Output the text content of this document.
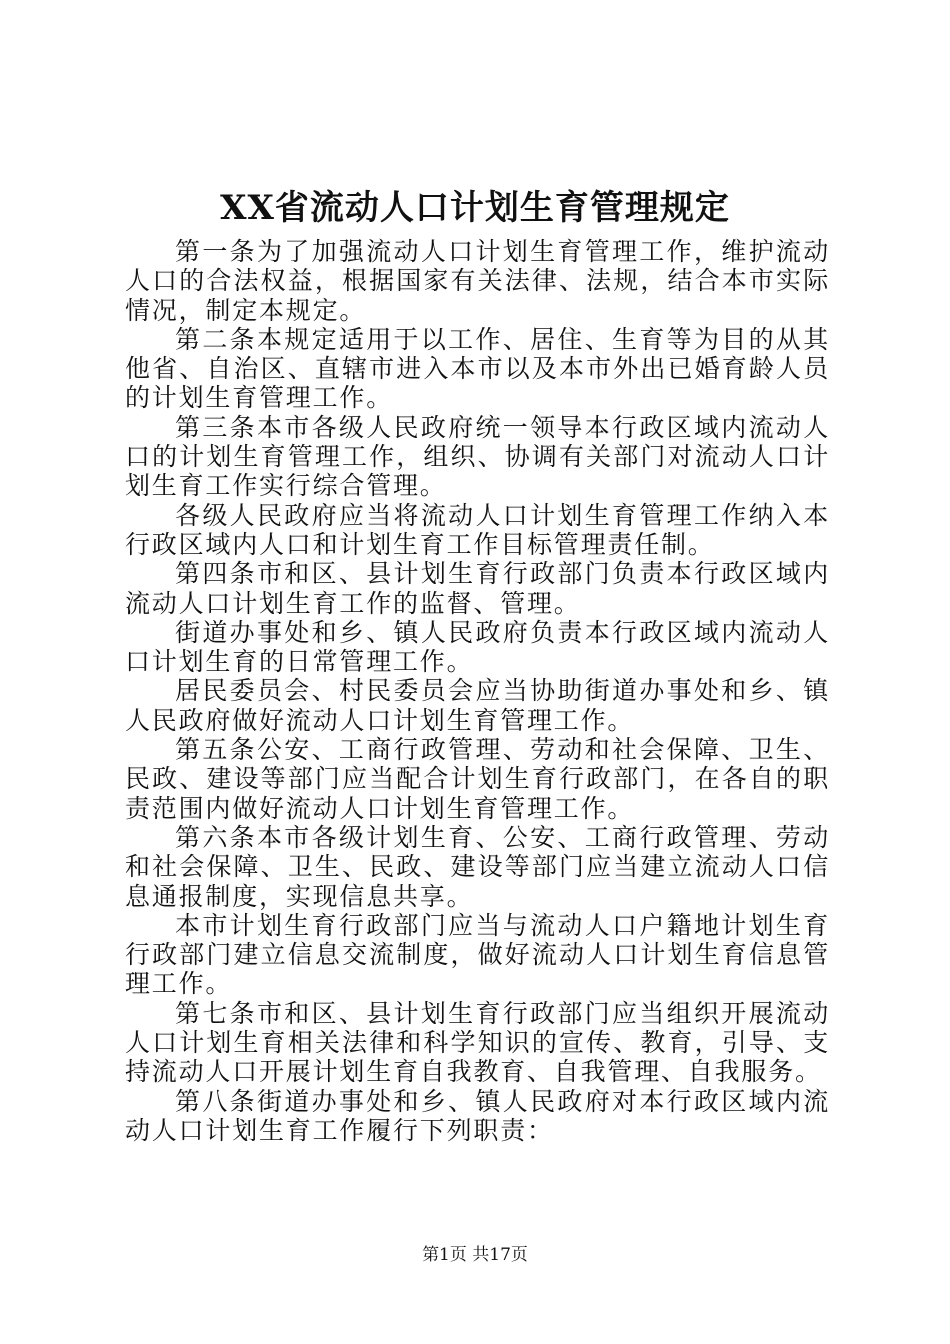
XX省流动人口计划生育管理规定

第一条为了加强流动人口计划生育管理工作，维护流动人口的合法权益，根据国家有关法律、法规，结合本市实际情况，制定本规定。

第二条本规定适用于以工作、居住、生育等为目的从其他省、自治区、直辖市进入本市以及本市外出已婚育龄人员的计划生育管理工作。

第三条本市各级人民政府统一领导本行政区域内流动人口的计划生育管理工作，组织、协调有关部门对流动人口计划生育工作实行综合管理。

各级人民政府应当将流动人口计划生育管理工作纳入本行政区域内人口和计划生育工作目标管理责任制。

第四条市和区、县计划生育行政部门负责本行政区域内流动人口计划生育工作的监督、管理。

街道办事处和乡、镇人民政府负责本行政区域内流动人口计划生育的日常管理工作。

居民委员会、村民委员会应当协助街道办事处和乡、镇人民政府做好流动人口计划生育管理工作。

第五条公安、工商行政管理、劳动和社会保障、卫生、民政、建设等部门应当配合计划生育行政部门，在各自的职责范围内做好流动人口计划生育管理工作。

第六条本市各级计划生育、公安、工商行政管理、劳动和社会保障、卫生、民政、建设等部门应当建立流动人口信息通报制度，实现信息共享。

本市计划生育行政部门应当与流动人口户籍地计划生育行政部门建立信息交流制度，做好流动人口计划生育信息管理工作。

第七条市和区、县计划生育行政部门应当组织开展流动人口计划生育相关法律和科学知识的宣传、教育，引导、支持流动人口开展计划生育自我教育、自我管理、自我服务。

第八条街道办事处和乡、镇人民政府对本行政区域内流动人口计划生育工作履行下列职责：

第1页 共17页
